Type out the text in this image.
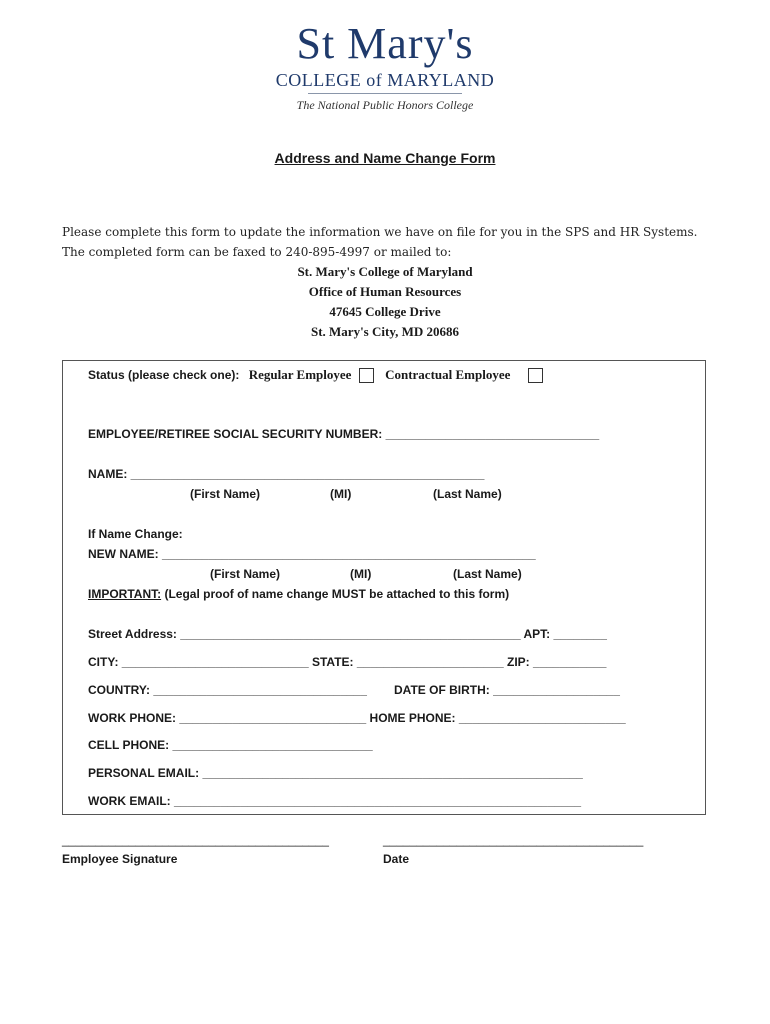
St Mary's
COLLEGE of MARYLAND
The National Public Honors College
Address and Name Change Form
Please complete this form to update the information we have on file for you in the SPS and HR Systems.
The completed form can be faxed to 240-895-4997 or mailed to:
St. Mary's College of Maryland
Office of Human Resources
47645 College Drive
St. Mary's City, MD 20686
Status (please check one): Regular Employee	Contractual Employee
EMPLOYEE/RETIREE SOCIAL SECURITY NUMBER: ________________________________
NAME: _____________________________________________________
(First Name)	(MI)	(Last Name)
If Name Change:
NEW NAME: ________________________________________________________
(First Name)	(MI)	(Last Name)
IMPORTANT: (Legal proof of name change MUST be attached to this form)
Street Address: ___________________________________________________ APT: ________
CITY: ____________________________ STATE: ______________________ ZIP: ___________
COUNTRY: ________________________________ DATE OF BIRTH: ___________________
WORK PHONE: ____________________________ HOME PHONE: _________________________
CELL PHONE: ______________________________
PERSONAL EMAIL: _________________________________________________________
WORK EMAIL: _____________________________________________________________
________________________________________
Employee Signature
_______________________________________
Date
